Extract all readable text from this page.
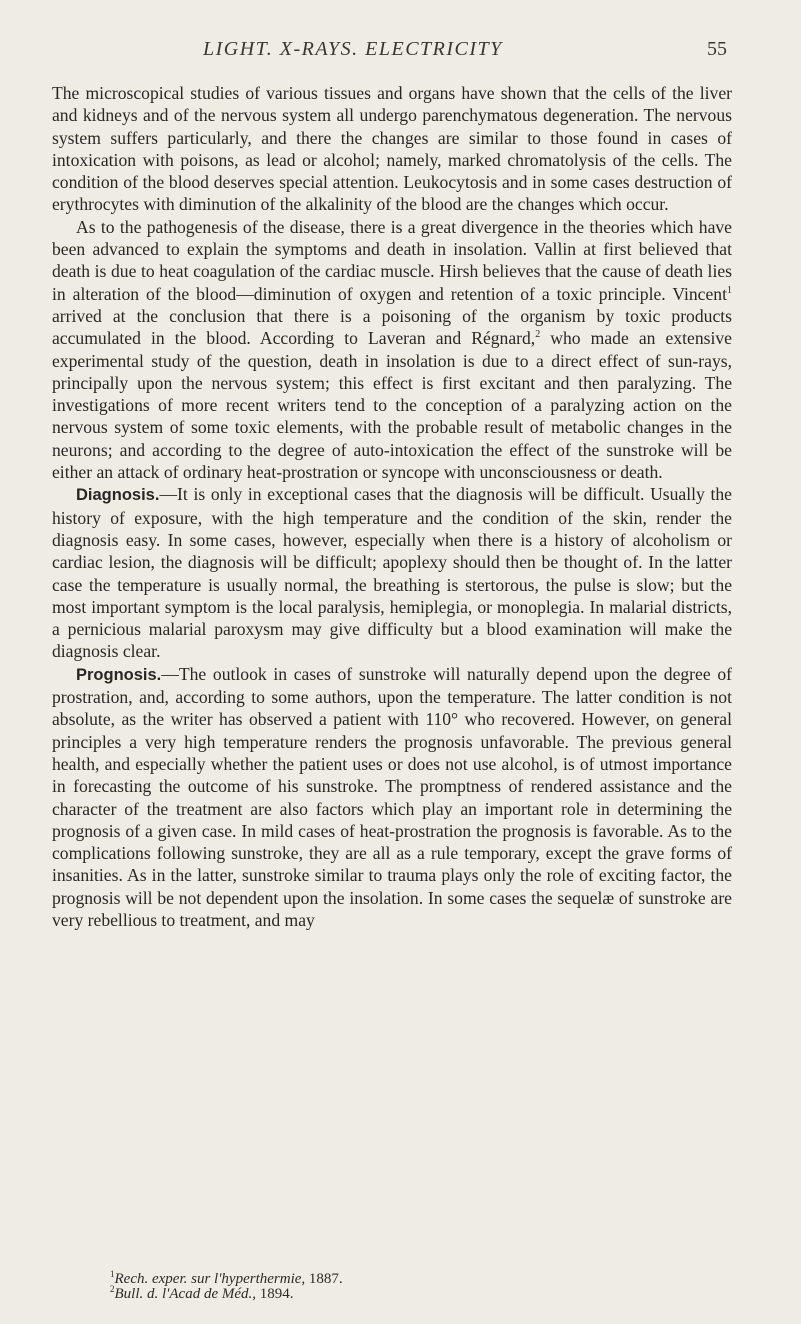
LIGHT. X-RAYS. ELECTRICITY	55

The microscopical studies of various tissues and organs have shown that the cells of the liver and kidneys and of the nervous system all undergo parenchymatous degeneration. The nervous system suffers particularly, and there the changes are similar to those found in cases of intoxication with poisons, as lead or alcohol; namely, marked chromatolysis of the cells. The condition of the blood deserves special attention. Leukocytosis and in some cases destruction of erythrocytes with diminution of the alkalinity of the blood are the changes which occur.

As to the pathogenesis of the disease, there is a great divergence in the theories which have been advanced to explain the symptoms and death in insolation. Vallin at first believed that death is due to heat coagulation of the cardiac muscle. Hirsh believes that the cause of death lies in alteration of the blood—diminution of oxygen and retention of a toxic principle. Vincent$^1$ arrived at the conclusion that there is a poisoning of the organism by toxic products accumulated in the blood. According to Laveran and Régnard,$^2$ who made an extensive experimental study of the question, death in insolation is due to a direct effect of sun-rays, principally upon the nervous system; this effect is first excitant and then paralyzing. The investigations of more recent writers tend to the conception of a paralyzing action on the nervous system of some toxic elements, with the probable result of metabolic changes in the neurons; and according to the degree of auto-intoxication the effect of the sunstroke will be either an attack of ordinary heat-prostration or syncope with unconsciousness or death.

Diagnosis.—It is only in exceptional cases that the diagnosis will be difficult. Usually the history of exposure, with the high temperature and the condition of the skin, render the diagnosis easy. In some cases, however, especially when there is a history of alcoholism or cardiac lesion, the diagnosis will be difficult; apoplexy should then be thought of. In the latter case the temperature is usually normal, the breathing is stertorous, the pulse is slow; but the most important symptom is the local paralysis, hemiplegia, or monoplegia. In malarial districts, a pernicious malarial paroxysm may give difficulty but a blood examination will make the diagnosis clear.

Prognosis.—The outlook in cases of sunstroke will naturally depend upon the degree of prostration, and, according to some authors, upon the temperature. The latter condition is not absolute, as the writer has observed a patient with 110° who recovered. However, on general principles a very high temperature renders the prognosis unfavorable. The previous general health, and especially whether the patient uses or does not use alcohol, is of utmost importance in forecasting the outcome of his sunstroke. The promptness of rendered assistance and the character of the treatment are also factors which play an important role in determining the prognosis of a given case. In mild cases of heat-prostration the prognosis is favorable. As to the complications following sunstroke, they are all as a rule temporary, except the grave forms of insanities. As in the latter, sunstroke similar to trauma plays only the role of exciting factor, the prognosis will be not dependent upon the insolation. In some cases the sequelæ of sunstroke are very rebellious to treatment, and may

$^1$Rech. exper. sur l'hyperthermie, 1887.

$^2$Bull. d. l'Acad de Méd., 1894.
